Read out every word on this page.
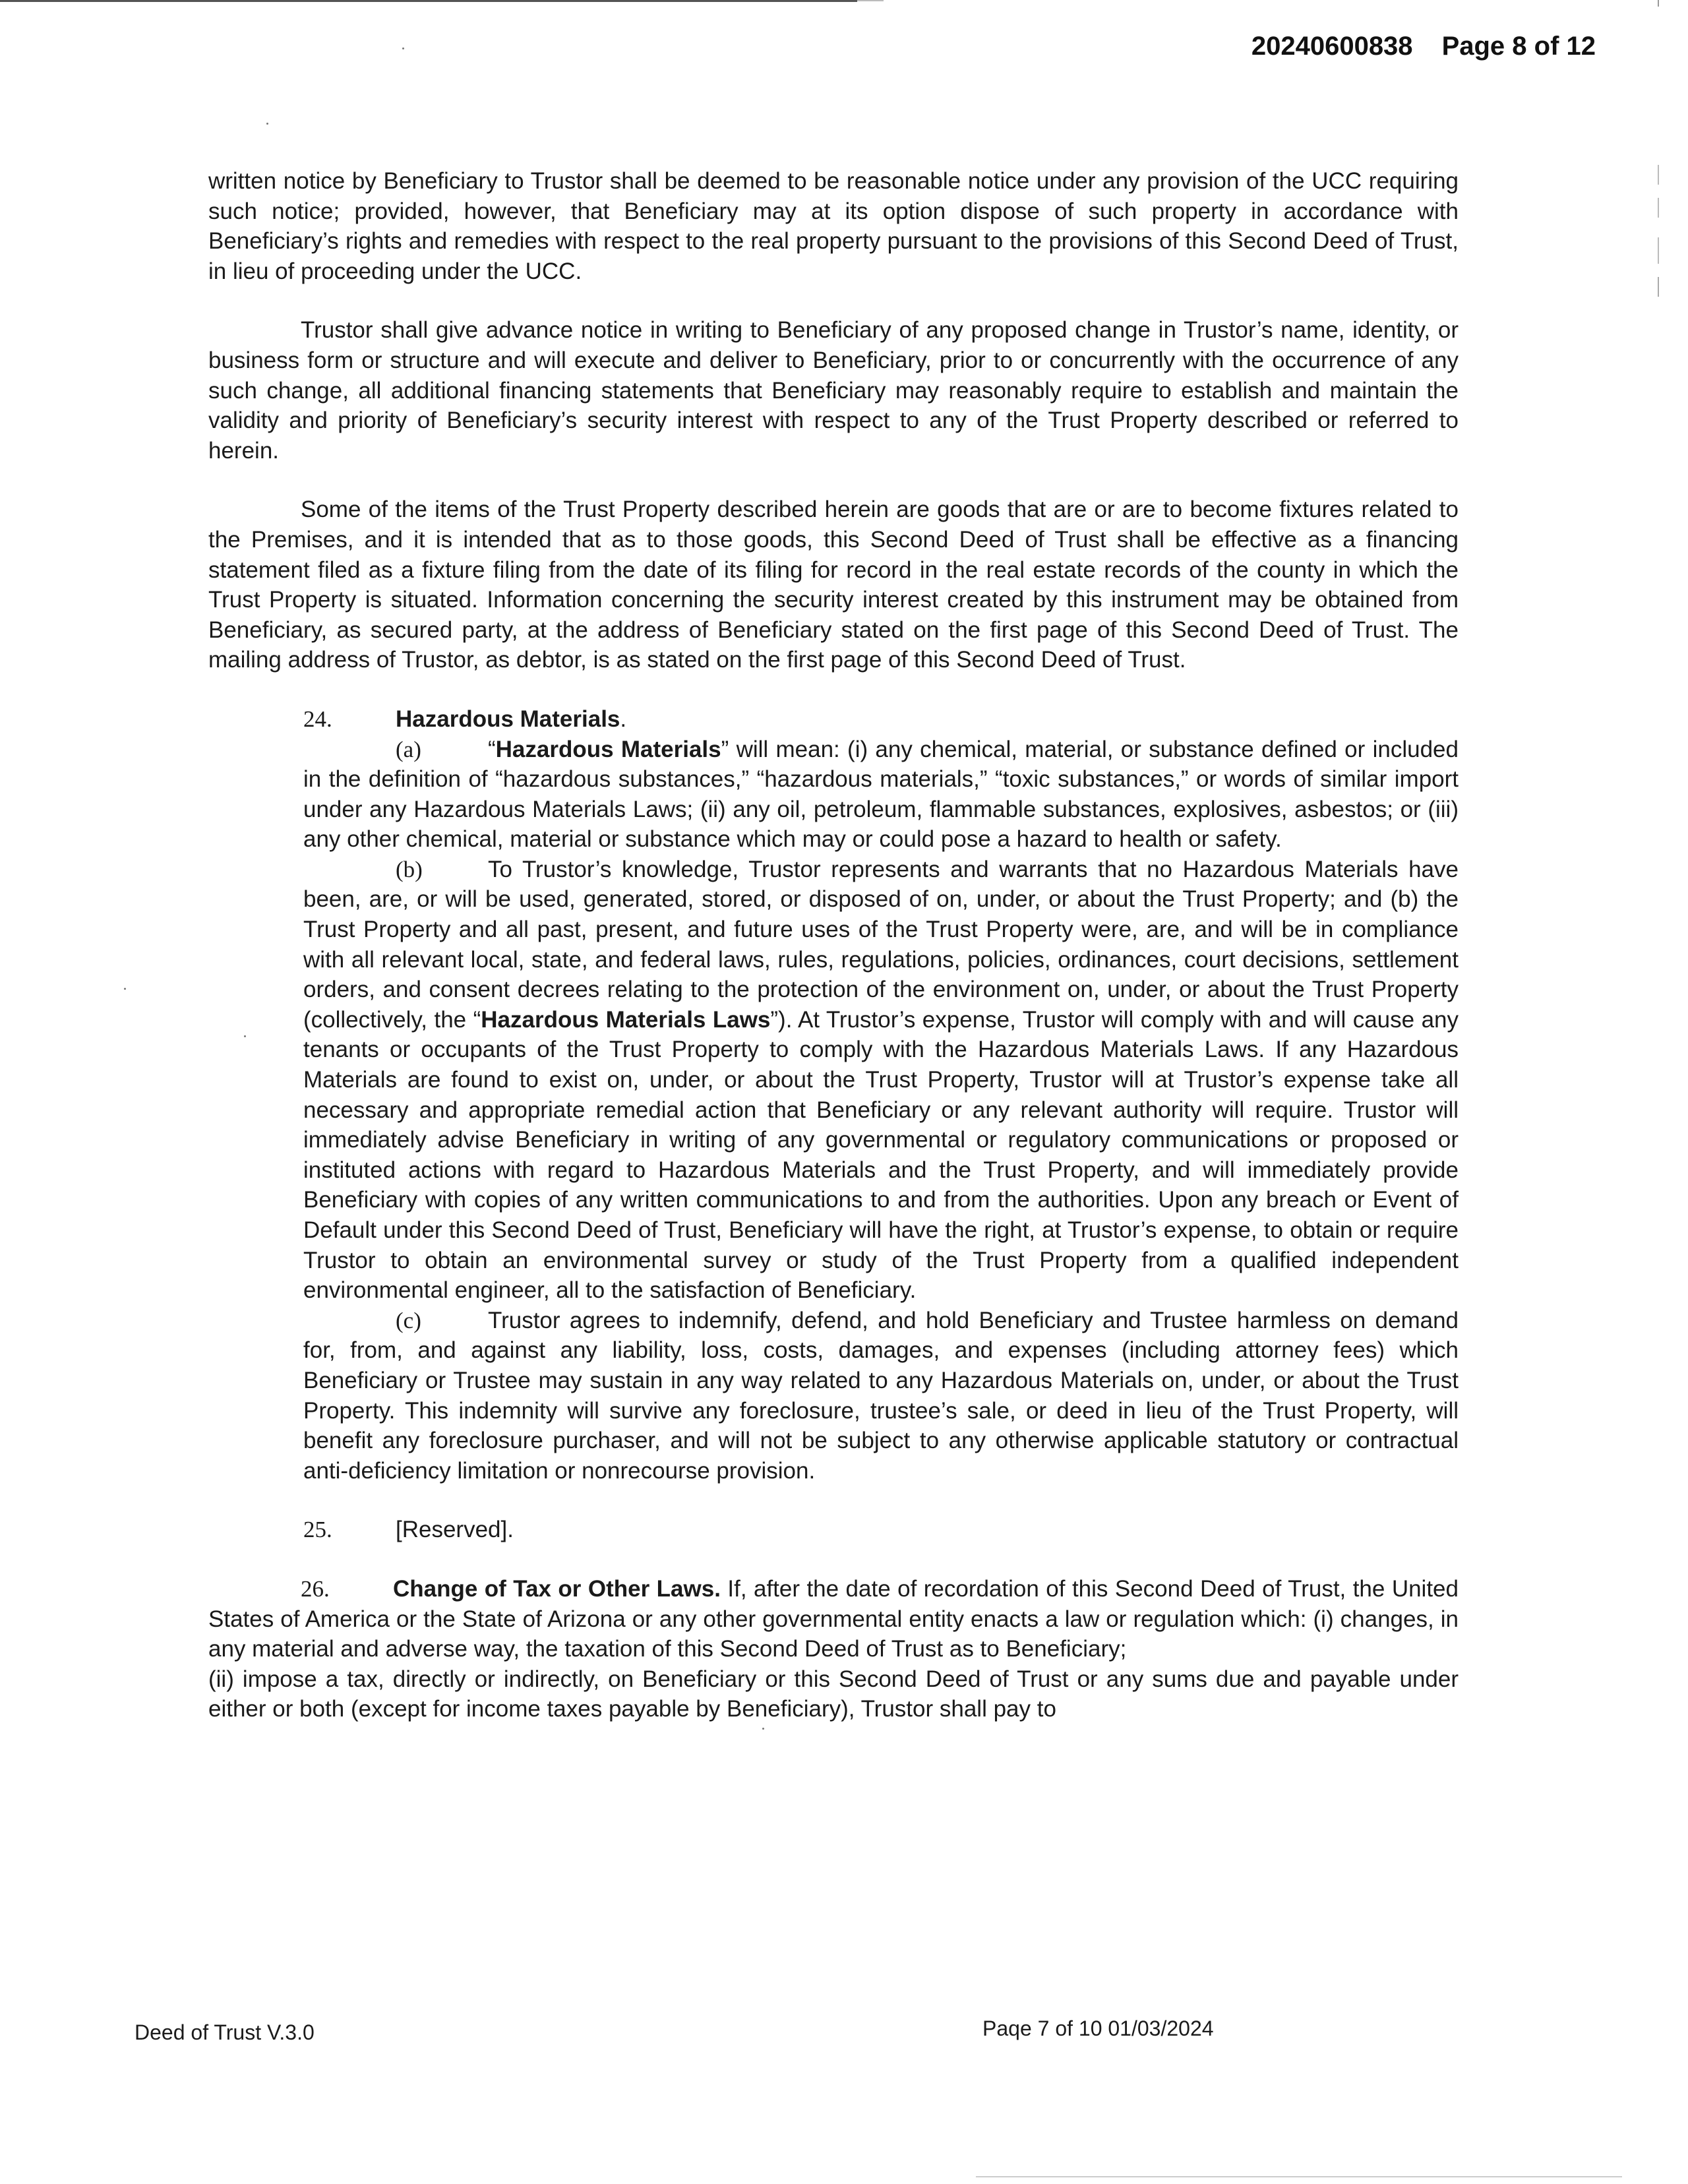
20240600838 Page 8 of 12

written notice by Beneficiary to Trustor shall be deemed to be reasonable notice under any provision of the UCC requiring such notice; provided, however, that Beneficiary may at its option dispose of such property in accordance with Beneficiary’s rights and remedies with respect to the real property pursuant to the provisions of this Second Deed of Trust, in lieu of proceeding under the UCC.

Trustor shall give advance notice in writing to Beneficiary of any proposed change in Trustor’s name, identity, or business form or structure and will execute and deliver to Beneficiary, prior to or concurrently with the occurrence of any such change, all additional financing statements that Beneficiary may reasonably require to establish and maintain the validity and priority of Beneficiary’s security interest with respect to any of the Trust Property described or referred to herein.

Some of the items of the Trust Property described herein are goods that are or are to become fixtures related to the Premises, and it is intended that as to those goods, this Second Deed of Trust shall be effective as a financing statement filed as a fixture filing from the date of its filing for record in the real estate records of the county in which the Trust Property is situated. Information concerning the security interest created by this instrument may be obtained from Beneficiary, as secured party, at the address of Beneficiary stated on the first page of this Second Deed of Trust. The mailing address of Trustor, as debtor, is as stated on the first page of this Second Deed of Trust.

24.	Hazardous Materials.

(a)	“Hazardous Materials” will mean: (i) any chemical, material, or substance defined or included in the definition of “hazardous substances,” “hazardous materials,” “toxic substances,” or words of similar import under any Hazardous Materials Laws; (ii) any oil, petroleum, flammable substances, explosives, asbestos; or (iii) any other chemical, material or substance which may or could pose a hazard to health or safety.

(b)	To Trustor’s knowledge, Trustor represents and warrants that no Hazardous Materials have been, are, or will be used, generated, stored, or disposed of on, under, or about the Trust Property; and (b) the Trust Property and all past, present, and future uses of the Trust Property were, are, and will be in compliance with all relevant local, state, and federal laws, rules, regulations, policies, ordinances, court decisions, settlement orders, and consent decrees relating to the protection of the environment on, under, or about the Trust Property (collectively, the “Hazardous Materials Laws”). At Trustor’s expense, Trustor will comply with and will cause any tenants or occupants of the Trust Property to comply with the Hazardous Materials Laws. If any Hazardous Materials are found to exist on, under, or about the Trust Property, Trustor will at Trustor’s expense take all necessary and appropriate remedial action that Beneficiary or any relevant authority will require. Trustor will immediately advise Beneficiary in writing of any governmental or regulatory communications or proposed or instituted actions with regard to Hazardous Materials and the Trust Property, and will immediately provide Beneficiary with copies of any written communications to and from the authorities. Upon any breach or Event of Default under this Second Deed of Trust, Beneficiary will have the right, at Trustor’s expense, to obtain or require Trustor to obtain an environmental survey or study of the Trust Property from a qualified independent environmental engineer, all to the satisfaction of Beneficiary.

(c)	Trustor agrees to indemnify, defend, and hold Beneficiary and Trustee harmless on demand for, from, and against any liability, loss, costs, damages, and expenses (including attorney fees) which Beneficiary or Trustee may sustain in any way related to any Hazardous Materials on, under, or about the Trust Property. This indemnity will survive any foreclosure, trustee’s sale, or deed in lieu of the Trust Property, will benefit any foreclosure purchaser, and will not be subject to any otherwise applicable statutory or contractual anti-deficiency limitation or nonrecourse provision.

25.	[Reserved].

26.	Change of Tax or Other Laws. If, after the date of recordation of this Second Deed of Trust, the United States of America or the State of Arizona or any other governmental entity enacts a law or regulation which: (i) changes, in any material and adverse way, the taxation of this Second Deed of Trust as to Beneficiary;

(ii) impose a tax, directly or indirectly, on Beneficiary or this Second Deed of Trust or any sums due and payable under either or both (except for income taxes payable by Beneficiary), Trustor shall pay to

Deed of Trust V.3.0	Paqe 7 of 10 01/03/2024
